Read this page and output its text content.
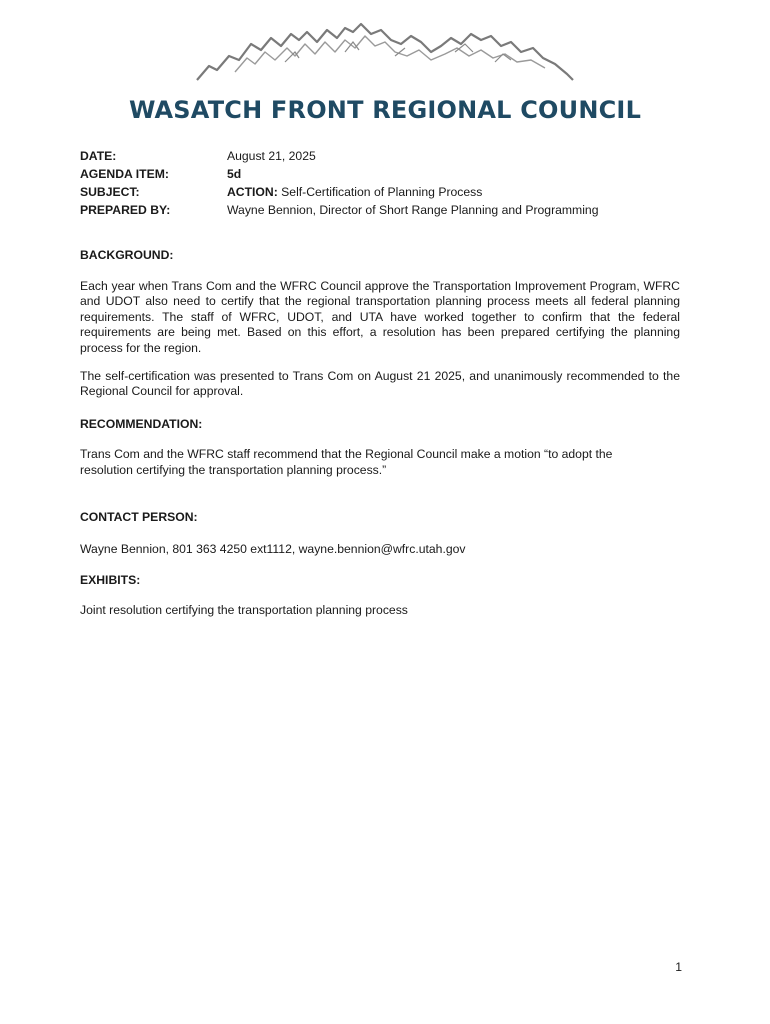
WASATCH FRONT REGIONAL COUNCIL
DATE:	August 21, 2025
AGENDA ITEM:	5d
SUBJECT:	ACTION: Self-Certification of Planning Process
PREPARED BY:	Wayne Bennion, Director of Short Range Planning and Programming

BACKGROUND:

Each year when Trans Com and the WFRC Council approve the Transportation Improvement Program, WFRC and UDOT also need to certify that the regional transportation planning process meets all federal planning requirements. The staff of WFRC, UDOT, and UTA have worked together to confirm that the federal requirements are being met. Based on this effort, a resolution has been prepared certifying the planning process for the region.

The self-certification was presented to Trans Com on August 21 2025, and unanimously recommended to the Regional Council for approval.

RECOMMENDATION:

Trans Com and the WFRC staff recommend that the Regional Council make a motion “to adopt the resolution certifying the transportation planning process.”

CONTACT PERSON:

Wayne Bennion, 801 363 4250 ext1112, wayne.bennion@wfrc.utah.gov

EXHIBITS:

Joint resolution certifying the transportation planning process

1
